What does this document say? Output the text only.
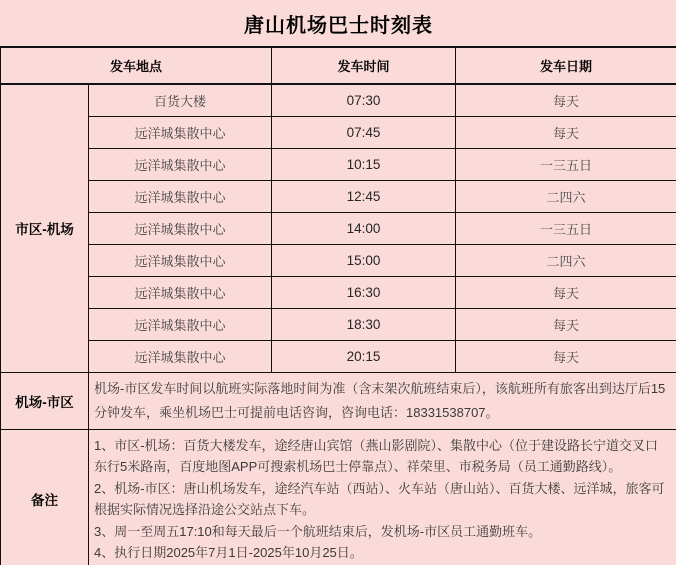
唐山机场巴士时刻表			
发车地点		发车时间	发车日期
市区-机场	百货大楼	07:30	每天
	远洋城集散中心	07:45	每天
	远洋城集散中心	10:15	一三五日
	远洋城集散中心	12:45	二四六
	远洋城集散中心	14:00	一三五日
	远洋城集散中心	15:00	二四六
	远洋城集散中心	16:30	每天
	远洋城集散中心	18:30	每天
	远洋城集散中心	20:15	每天
机场-市区	机场-市区发车时间以航班实际落地时间为准（含末架次航班结束后），该航班所有旅客出到达厅后15分钟发车，乘坐机场巴士可提前电话咨询，咨询电话：18331538707。		
备注	1、市区-机场：百货大楼发车，途经唐山宾馆（燕山影剧院）、集散中心（位于建设路长宁道交叉口东行5米路南，百度地图APP可搜索机场巴士停靠点）、祥荣里、市税务局（员工通勤路线）。
2、机场-市区：唐山机场发车，途经汽车站（西站）、火车站（唐山站）、百货大楼、远洋城，旅客可根据实际情况选择沿途公交站点下车。
3、周一至周五17:10和每天最后一个航班结束后，发机场-市区员工通勤班车。
4、执行日期2025年7月1日-2025年10月25日。		
